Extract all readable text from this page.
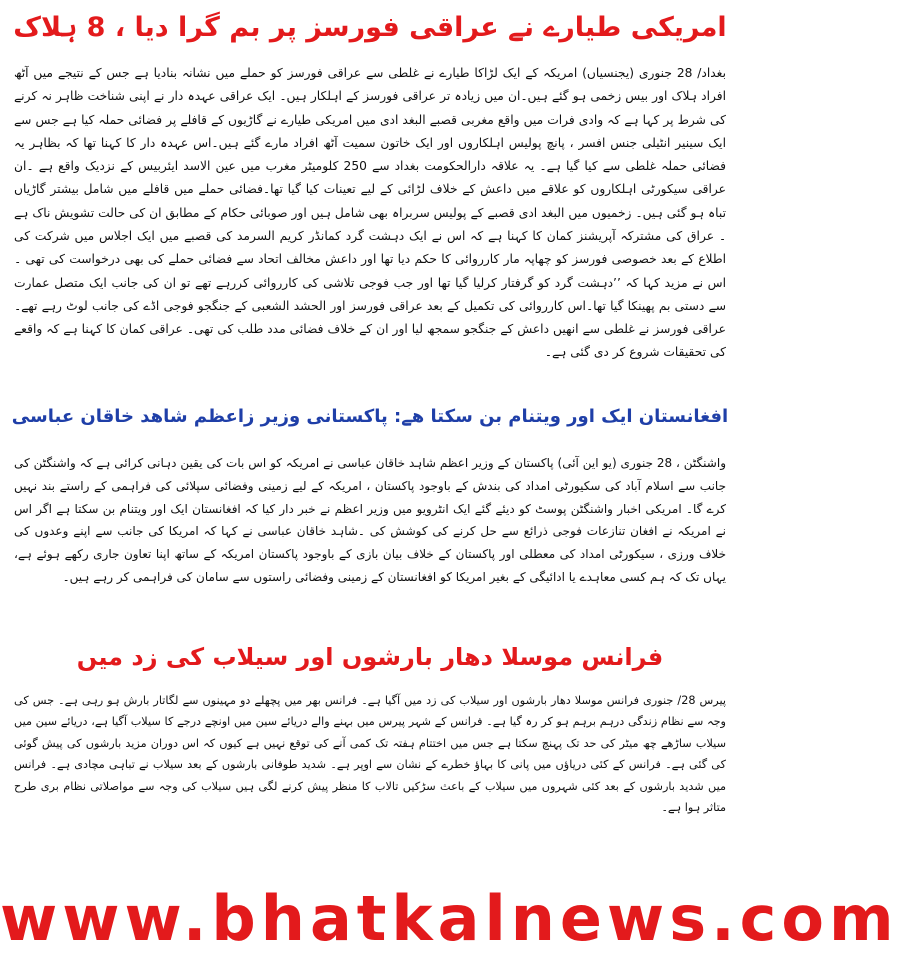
امریکی طیارے نے عراقی فورسز پر بم گرا دیا ، 8 ہلاک

بغداد/ 28 جنوری (یجنسیاں) امریکہ کے ایک لڑاکا طیارے نے غلطی سے عراقی فورسز کو حملے میں نشانہ بنادیا ہے جس کے نتیجے میں آٹھ افراد ہلاک اور بیس زخمی ہو گئے ہیں۔ان میں زیادہ تر عراقی فورسز کے اہلکار ہیں۔ ایک عراقی عہدہ دار نے اپنی شناخت ظاہر نہ کرنے کی شرط پر کہا ہے کہ وادی فرات میں واقع مغربی قصبے البغد ادی میں امریکی طیارے نے گاڑیوں کے قافلے پر فضائی حملہ کیا ہے جس سے ایک سینیر انٹیلی جنس افسر ، پانچ پولیس اہلکاروں اور ایک خاتون سمیت آٹھ افراد مارے گئے ہیں۔اس عہدہ دار کا کہنا تھا کہ بظاہر یہ فضائی حملہ غلطی سے کیا گیا ہے۔ یہ علاقہ دارالحکومت بغداد سے 250 کلومیٹر مغرب میں عین الاسد ایئربیس کے نزدیک واقع ہے ۔ان عراقی سیکورٹی اہلکاروں کو علاقے میں داعش کے خلاف لڑائی کے لیے تعینات کیا گیا تھا۔فضائی حملے میں قافلے میں شامل بیشتر گاڑیاں تباہ ہو گئی ہیں۔ زخمیوں میں البغد ادی قصبے کے پولیس سربراہ بھی شامل ہیں اور صوبائی حکام کے مطابق ان کی حالت تشویش ناک ہے ۔ عراق کی مشترکہ آپریشنز کمان کا کہنا ہے کہ اس نے ایک دہشت گرد کمانڈر کریم السرمد کی قصبے میں ایک اجلاس میں شرکت کی اطلاع کے بعد خصوصی فورسز کو چھاپہ مار کارروائی کا حکم دیا تھا اور داعش مخالف اتحاد سے فضائی حملے کی بھی درخواست کی تھی ۔اس نے مزید کہا کہ ’’دہشت گرد کو گرفتار کرلیا گیا تھا اور جب فوجی تلاشی کی کارروائی کررہے تھے تو ان کی جانب ایک متصل عمارت سے دستی بم پھینکا گیا تھا۔اس کارروائی کی تکمیل کے بعد عراقی فورسز اور الحشد الشعبی کے جنگجو فوجی اڈے کی جانب لوٹ رہے تھے۔ عراقی فورسز نے غلطی سے انھیں داعش کے جنگجو سمجھ لیا اور ان کے خلاف فضائی مدد طلب کی تھی۔ عراقی کمان کا کہنا ہے کہ واقعے کی تحقیقات شروع کر دی گئی ہے۔

افغانستان ایک اور ویتنام بن سکتا ھے: پاکستانی وزیر زاعظم شاھد خاقان عباسی

واشنگٹن ، 28 جنوری (یو این آئی) پاکستان کے وزیر اعظم شاہد خاقان عباسی نے امریکہ کو اس بات کی یقین دہانی کرائی ہے کہ واشنگٹن کی جانب سے اسلام آباد کی سکیورٹی امداد کی بندش کے باوجود پاکستان ، امریکہ کے لیے زمینی وفضائی سپلائی کی فراہمی کے راستے بند نہیں کرے گا۔ امریکی اخبار واشنگٹن پوسٹ کو دیئے گئے ایک انٹرویو میں وزیر اعظم نے خبر دار کیا کہ افغانستان ایک اور ویتنام بن سکتا ہے اگر اس نے امریکہ نے افغان تنازعات فوجی ذرائع سے حل کرنے کی کوشش کی ۔شاہد خاقان عباسی نے کہا کہ امریکا کی جانب سے اپنے وعدوں کی خلاف ورزی ، سیکورٹی امداد کی معطلی اور پاکستان کے خلاف بیان بازی کے باوجود پاکستان امریکہ کے ساتھ اپنا تعاون جاری رکھے ہوئے ہے، یہاں تک کہ ہم کسی معاہدے یا ادائیگی کے بغیر امریکا کو افغانستان کے زمینی وفضائی راستوں سے سامان کی فراہمی کر رہے ہیں۔

فرانس موسلا دھار بارشوں اور سیلاب کی زد میں

پیرس 28/ جنوری فرانس موسلا دھار بارشوں اور سیلاب کی زد میں آگیا ہے۔ فرانس بھر میں پچھلے دو مہینوں سے لگاتار بارش ہو رہی ہے۔ جس کی وجہ سے نظام زندگی درہم برہم ہو کر رہ گیا ہے۔ فرانس کے شہر پیرس میں بہنے والے دریائے سین میں اونچے درجے کا سیلاب آگیا ہے، دریائے سین میں سیلاب ساڑھے چھ میٹر کی حد تک پہنچ سکتا ہے جس میں اختتام ہفتہ تک کمی آنے کی توقع نہیں ہے کیوں کہ اس دوران مزید بارشوں کی پیش گوئی کی گئی ہے۔ فرانس کے کئی دریاؤں میں پانی کا بہاؤ خطرے کے نشان سے اوپر ہے۔ شدید طوفانی بارشوں کے بعد سیلاب نے تباہی مچادی ہے۔ فرانس میں شدید بارشوں کے بعد کئی شہروں میں سیلاب کے باعث سڑکیں تالاب کا منظر پیش کرنے لگی ہیں سیلاب کی وجہ سے مواصلاتی نظام بری طرح متاثر ہوا ہے۔

www.bhatkalnews.com
